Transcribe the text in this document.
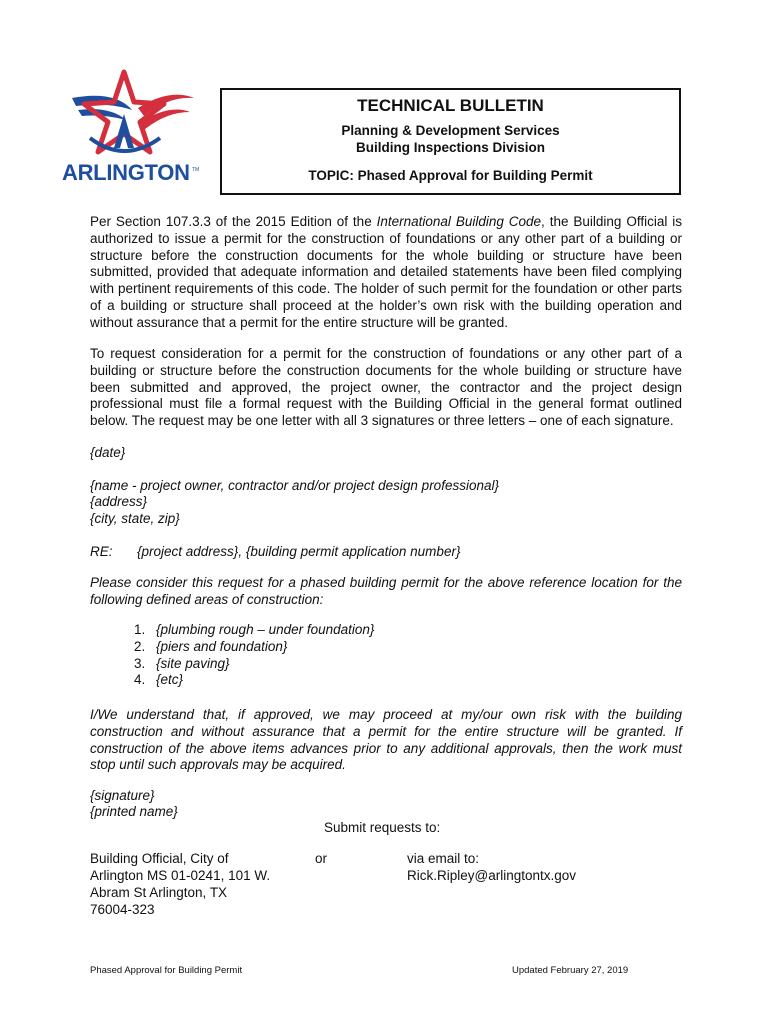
ARLINGTON TM
TECHNICAL BULLETIN
Planning & Development Services
Building Inspections Division
TOPIC: Phased Approval for Building Permit
Per Section 107.3.3 of the 2015 Edition of the International Building Code, the Building Official is authorized to issue a permit for the construction of foundations or any other part of a building or structure before the construction documents for the whole building or structure have been submitted, provided that adequate information and detailed statements have been filed complying with pertinent requirements of this code. The holder of such permit for the foundation or other parts of a building or structure shall proceed at the holder’s own risk with the building operation and without assurance that a permit for the entire structure will be granted.
To request consideration for a permit for the construction of foundations or any other part of a building or structure before the construction documents for the whole building or structure have been submitted and approved, the project owner, the contractor and the project design professional must file a formal request with the Building Official in the general format outlined below. The request may be one letter with all 3 signatures or three letters – one of each signature.
{date}
{name - project owner, contractor and/or project design professional}
{address}
{city, state, zip}
RE: {project address}, {building permit application number}
Please consider this request for a phased building permit for the above reference location for the following defined areas of construction:
1. {plumbing rough – under foundation}
2. {piers and foundation}
3. {site paving}
4. {etc}
I/We understand that, if approved, we may proceed at my/our own risk with the building construction and without assurance that a permit for the entire structure will be granted. If construction of the above items advances prior to any additional approvals, then the work must stop until such approvals may be acquired.
{signature}
{printed name}
Submit requests to:
Building Official, City of
Arlington MS 01-0241, 101 W.
Abram St Arlington, TX
76004-323
or	via email to:
Rick.Ripley@arlingtontx.gov
Phased Approval for Building Permit	Updated February 27, 2019
